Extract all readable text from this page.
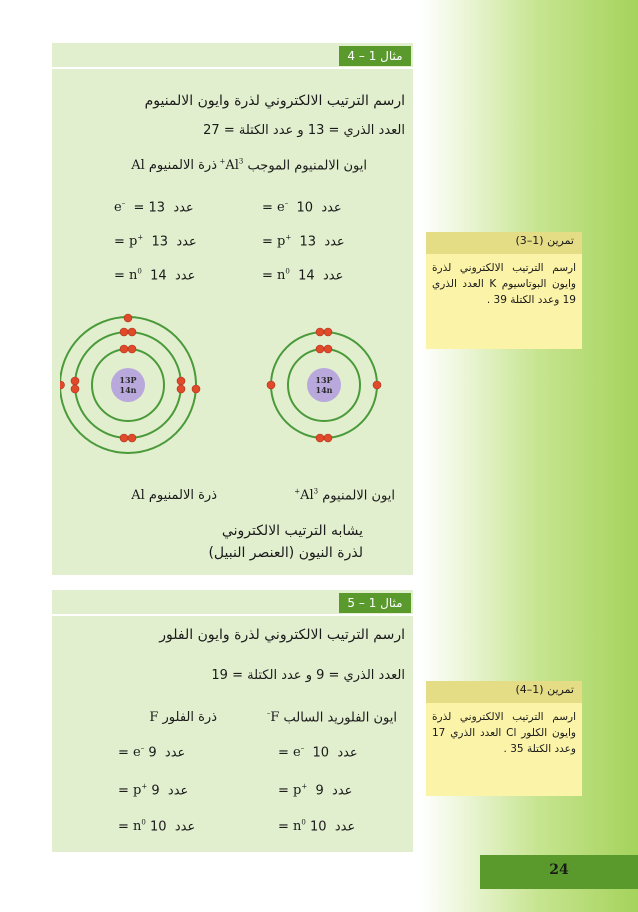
مثال 1 – 4
ارسم الترتيب الالكتروني لذرة وايون الالمنيوم
العدد الذري = 13 و عدد الكتلة = 27
ايون الالمنيوم الموجب $Al^{3+}$
ذرة الالمنيوم Al
عدد  e–  10 =
عدد  p+  13 =
عدد  $n^0$  14 =
عدد  e– = 13
عدد  p+  13 =
عدد  $n^0$  14 =
13P
14n
13P
14n
ايون الالمنيوم $Al^{3+}$
ذرة الالمنيوم Al
يشابه الترتيب الالكتروني
لذرة النيون (العنصر النبيل)
مثال 1 – 5
ارسم الترتيب الالكتروني لذرة وايون الفلور
العدد الذري = 9 و عدد الكتلة = 19
ايون الفلوريد السالب F–
ذرة الفلور F
عدد  e–  10 =
عدد  p+  9 =
عدد  $n^0$ 10 =
عدد  e– 9 =
عدد  p+ 9 =
عدد  $n^0$ 10 =
تمرين (1–3)
ارسم الترتيب الالكتروني لذرة وايون البوتاسيوم K العدد الذري 19 وعدد الكتلة 39 .
تمرين (1–4)
ارسم الترتيب الالكتروني لذرة وايون الكلور Cl العدد الذري 17 وعدد الكتلة 35 .
24
